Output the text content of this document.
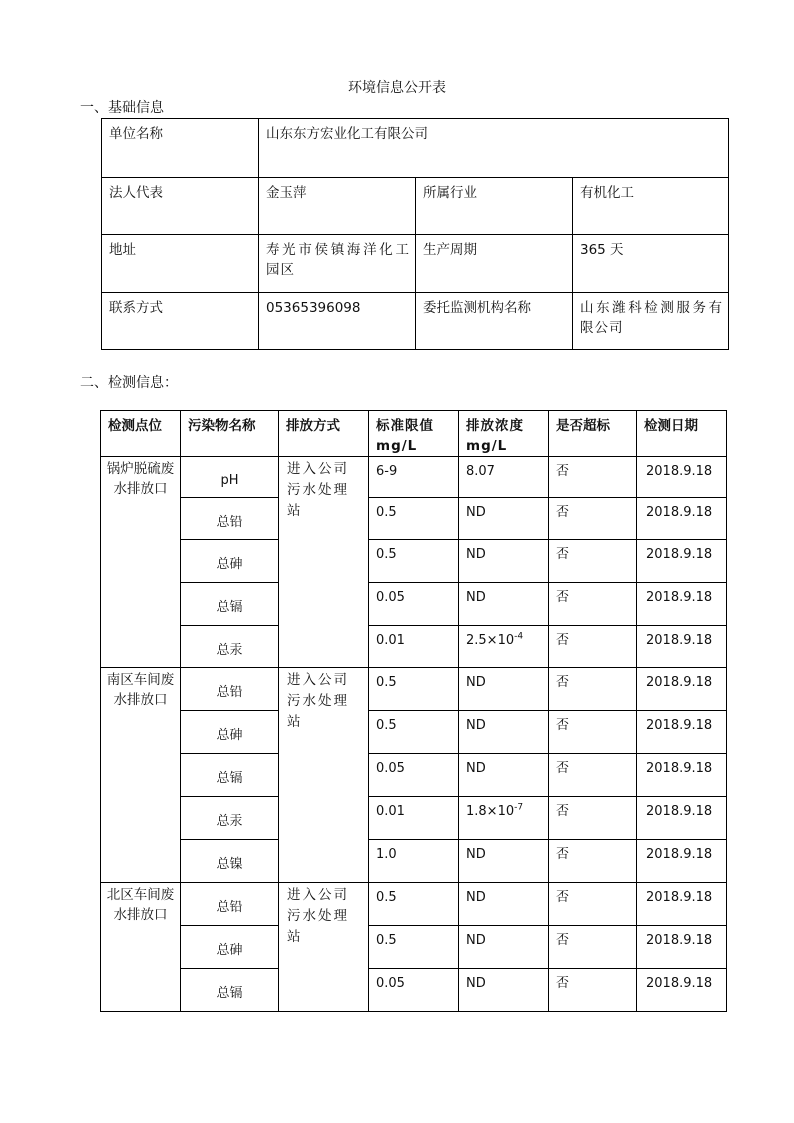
环境信息公开表
一、基础信息
单位名称	山东东方宏业化工有限公司		
法人代表	金玉萍	所属行业	有机化工
地址	寿光市侯镇海洋化工园区	生产周期	365 天
联系方式	05365396098	委托监测机构名称	山东潍科检测服务有限公司
二、检测信息：
检测点位	污染物名称	排放方式	标准限值 mg/L	排放浓度 mg/L	是否超标	检测日期
锅炉脱硫废水排放口	pH	进入公司污水处理站	6-9	8.07	否	2018.9.18
	总铅		0.5	ND	否	2018.9.18
	总砷		0.5	ND	否	2018.9.18
	总镉		0.05	ND	否	2018.9.18
	总汞		0.01	$2.5\times 10^{-4}$	否	2018.9.18
南区车间废水排放口	总铅	进入公司污水处理站	0.5	ND	否	2018.9.18
	总砷		0.5	ND	否	2018.9.18
	总镉		0.05	ND	否	2018.9.18
	总汞		0.01	$1.8\times 10^{-7}$	否	2018.9.18
	总镍		1.0	ND	否	2018.9.18
北区车间废水排放口	总铅	进入公司污水处理站	0.5	ND	否	2018.9.18
	总砷		0.5	ND	否	2018.9.18
	总镉		0.05	ND	否	2018.9.18
